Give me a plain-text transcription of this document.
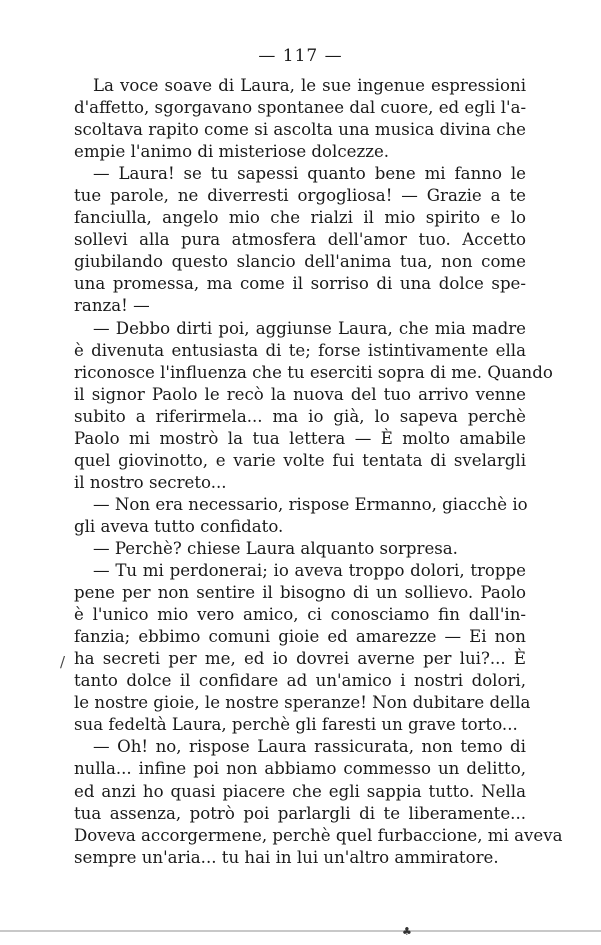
— 117 —
La voce soave di Laura, le sue ingenue espressioni
d'affetto, sgorgavano spontanee dal cuore, ed egli l'a-
scoltava rapito come si ascolta una musica divina che
empie l'animo di misteriose dolcezze.
— Laura! se tu sapessi quanto bene mi fanno le
tue parole, ne diverresti orgogliosa! — Grazie a te
fanciulla, angelo mio che rialzi il mio spirito e lo
sollevi alla pura atmosfera dell'amor tuo. Accetto
giubilando questo slancio dell'anima tua, non come
una promessa, ma come il sorriso di una dolce spe-
ranza! —
— Debbo dirti poi, aggiunse Laura, che mia madre
è divenuta entusiasta di te; forse istintivamente ella
riconosce l'influenza che tu eserciti sopra di me. Quando
il signor Paolo le recò la nuova del tuo arrivo venne
subito a riferirmela... ma io già, lo sapeva perchè
Paolo mi mostrò la tua lettera — È molto amabile
quel giovinotto, e varie volte fui tentata di svelargli
il nostro secreto...
— Non era necessario, rispose Ermanno, giacchè io
gli aveva tutto confidato.
— Perchè? chiese Laura alquanto sorpresa.
— Tu mi perdonerai; io aveva troppo dolori, troppe
pene per non sentire il bisogno di un sollievo. Paolo
è l'unico mio vero amico, ci conosciamo fin dall'in-
fanzia; ebbimo comuni gioie ed amarezze — Ei non
ha secreti per me, ed io dovrei averne per lui?... È
tanto dolce il confidare ad un'amico i nostri dolori,
le nostre gioie, le nostre speranze! Non dubitare della
sua fedeltà Laura, perchè gli faresti un grave torto...
— Oh! no, rispose Laura rassicurata, non temo di
nulla... infine poi non abbiamo commesso un delitto,
ed anzi ho quasi piacere che egli sappia tutto. Nella
tua assenza, potrò poi parlargli di te liberamente...
Doveva accorgermene, perchè quel furbaccione, mi aveva
sempre un'aria... tu hai in lui un'altro ammiratore.
/
♣
